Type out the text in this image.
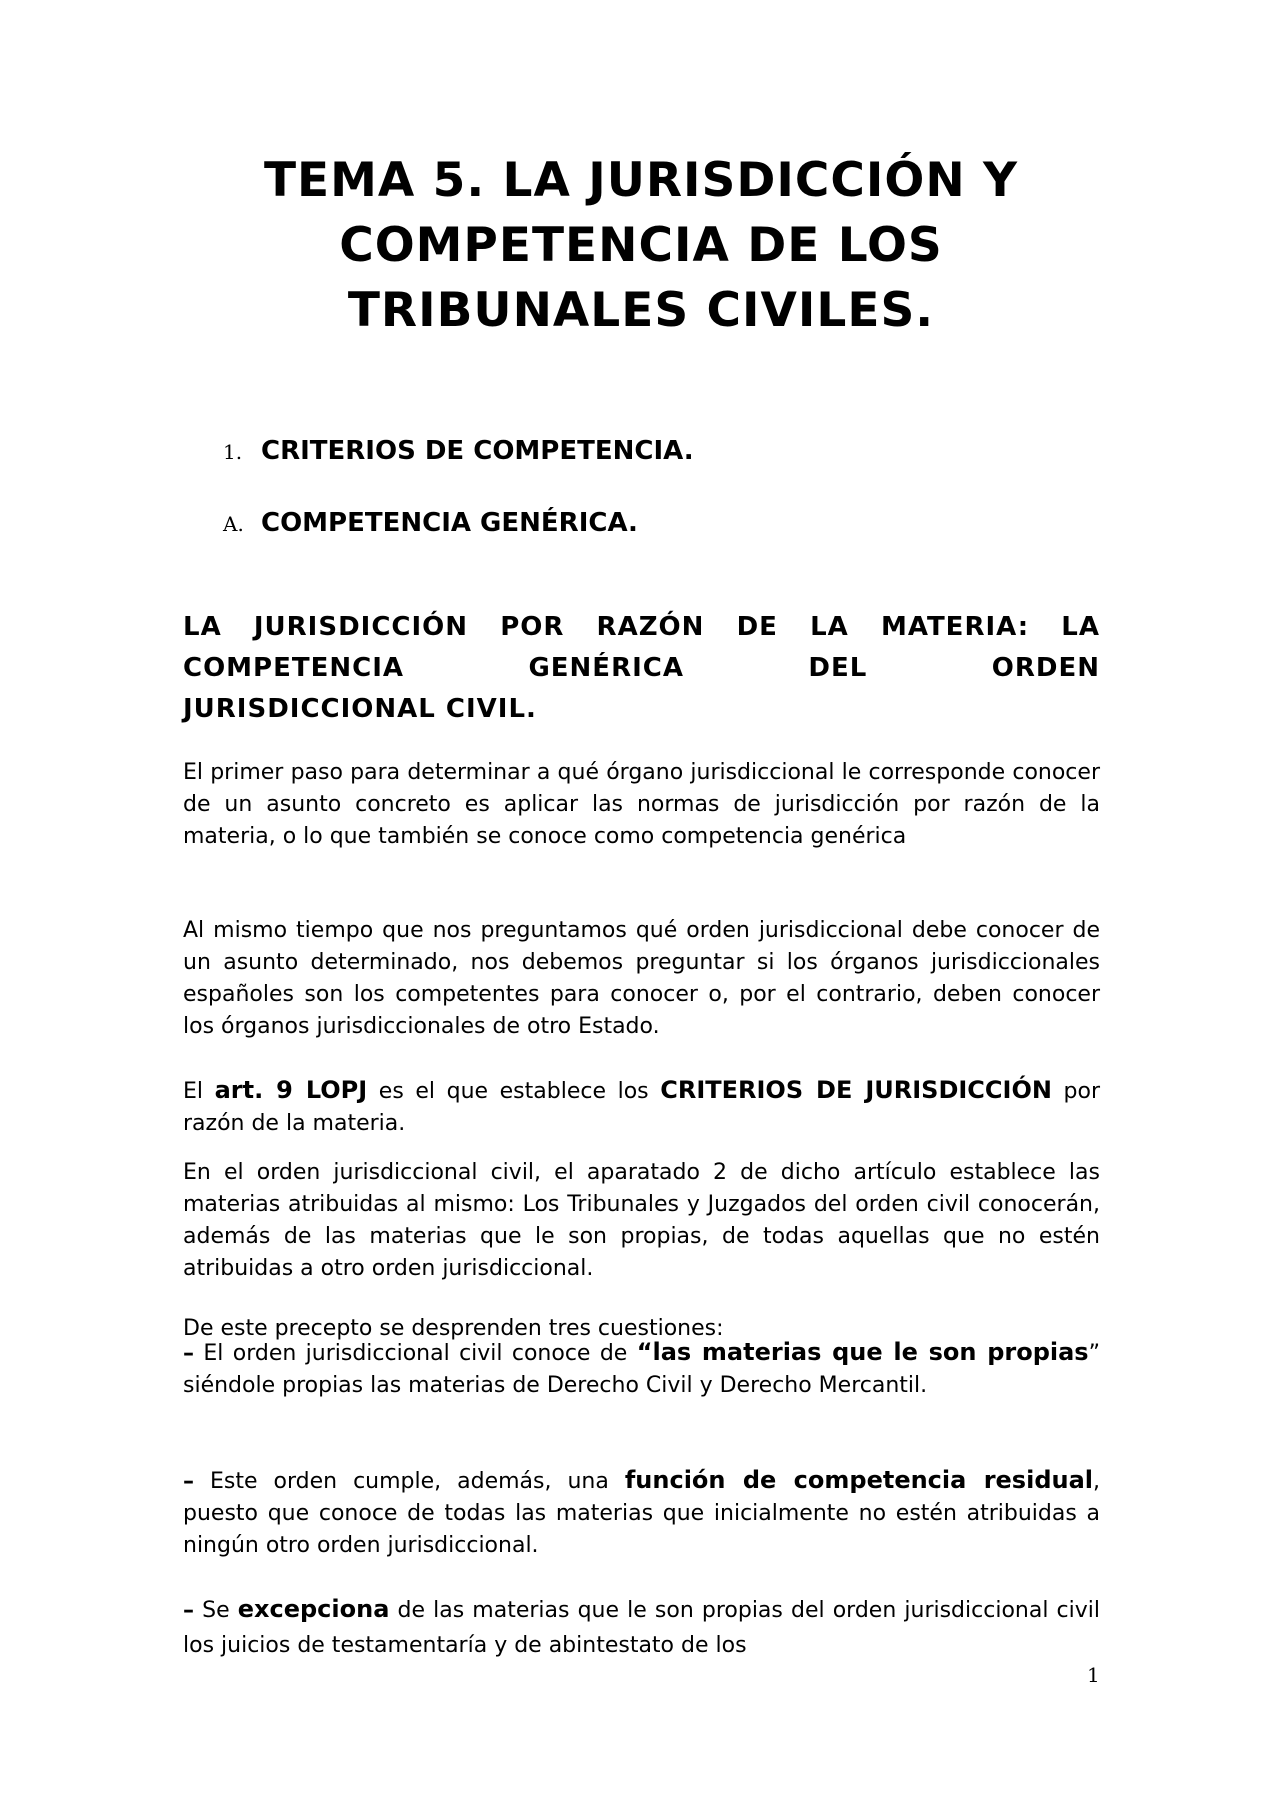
TEMA 5. LA JURISDICCIÓN Y
COMPETENCIA DE LOS
TRIBUNALES CIVILES.
1. CRITERIOS DE COMPETENCIA.
A. COMPETENCIA GENÉRICA.
LA JURISDICCIÓN POR RAZÓN DE LA MATERIA: LA
COMPETENCIA GENÉRICA DEL ORDEN
JURISDICCIONAL CIVIL.

El primer paso para determinar a qué órgano jurisdiccional le corresponde conocer de un asunto concreto es aplicar las normas de jurisdicción por razón de la materia, o lo que también se conoce como competencia genérica

Al mismo tiempo que nos preguntamos qué orden jurisdiccional debe conocer de un asunto determinado, nos debemos preguntar si los órganos jurisdiccionales españoles son los competentes para conocer o, por el contrario, deben conocer los órganos jurisdiccionales de otro Estado.

El art. 9 LOPJ es el que establece los CRITERIOS DE JURISDICCIÓN por razón de la materia.

En el orden jurisdiccional civil, el aparatado 2 de dicho artículo establece las materias atribuidas al mismo: Los Tribunales y Juzgados del orden civil conocerán, además de las materias que le son propias, de todas aquellas que no estén atribuidas a otro orden jurisdiccional.

De este precepto se desprenden tres cuestiones:

– El orden jurisdiccional civil conoce de “las materias que le son propias” siéndole propias las materias de Derecho Civil y Derecho Mercantil.

– Este orden cumple, además, una función de competencia residual, puesto que conoce de todas las materias que inicialmente no estén atribuidas a ningún otro orden jurisdiccional.

– Se excepciona de las materias que le son propias del orden jurisdiccional civil los juicios de testamentaría y de abintestato de los

1
